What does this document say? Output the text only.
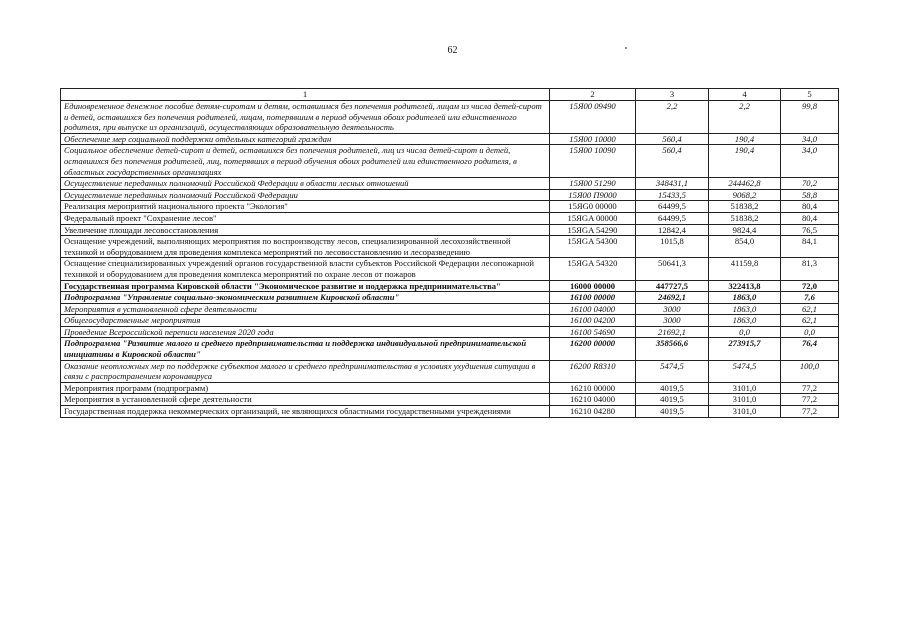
62
1	2	3	4	5
Единовременное денежное пособие детям-сиротам и детям, оставшимся без попечения родителей, лицам из числа детей-сирот и детей, оставшихся без попечения родителей, лицам, потерявшим в период обучения обоих родителей или единственного родителя, при выпуске из организаций, осуществляющих образовательную деятельность	15Я00 09490	2,2	2,2	99,8
Обеспечение мер социальной поддержки отдельных категорий граждан	15Я00 10000	560,4	190,4	34,0
Социальное обеспечение детей-сирот и детей, оставшихся без попечения родителей, лиц из числа детей-сирот и детей, оставшихся без попечения родителей, лиц, потерявших в период обучения обоих родителей или единственного родителя, в областных государственных организациях	15Я00 10090	560,4	190,4	34,0
Осуществление переданных полномочий Российской Федерации в области лесных отношений	15Я00 51290	348431,1	244462,8	70,2
Осуществление переданных полномочий Российской Федерации	15Я00 П9000	15433,5	9068,2	58,8
Реализация мероприятий национального проекта "Экология"	15ЯG0 00000	64499,5	51838,2	80,4
Федеральный проект "Сохранение лесов"	15ЯGA 00000	64499,5	51838,2	80,4
Увеличение площади лесовосстановления	15ЯGA 54290	12842,4	9824,4	76,5
Оснащение учреждений, выполняющих мероприятия по воспроизводству лесов, специализированной лесохозяйственной техникой и оборудованием для проведения комплекса мероприятий по лесовосстановлению и лесоразведению	15ЯGA 54300	1015,8	854,0	84,1
Оснащение специализированных учреждений органов государственной власти субъектов Российской Федерации лесопожарной техникой и оборудованием для проведения комплекса мероприятий по охране лесов от пожаров	15ЯGA 54320	50641,3	41159,8	81,3
Государственная программа Кировской области "Экономическое развитие и поддержка предпринимательства"	16000 00000	447727,5	322413,8	72,0
Подпрограмма "Управление социально-экономическим развитием Кировской области"	16100 00000	24692,1	1863,0	7,6
Мероприятия в установленной сфере деятельности	16100 04000	3000	1863,0	62,1
Общегосударственные мероприятия	16100 04200	3000	1863,0	62,1
Проведение Всероссийской переписи населения 2020 года	16100 54690	21692,1	0,0	0,0
Подпрограмма "Развитие малого и среднего предпринимательства и поддержка индивидуальной предпринимательской инициативы в Кировской области"	16200 00000	358566,6	273915,7	76,4
Оказание неотложных мер по поддержке субъектов малого и среднего предпринимательства в условиях ухудшения ситуации в связи с распространением коронавируса	16200 R8310	5474,5	5474,5	100,0
Мероприятия программ (подпрограмм)	16210 00000	4019,5	3101,0	77,2
Мероприятия в установленной сфере деятельности	16210 04000	4019,5	3101,0	77,2
Государственная поддержка некоммерческих организаций, не являющихся областными государственными учреждениями	16210 04280	4019,5	3101,0	77,2
